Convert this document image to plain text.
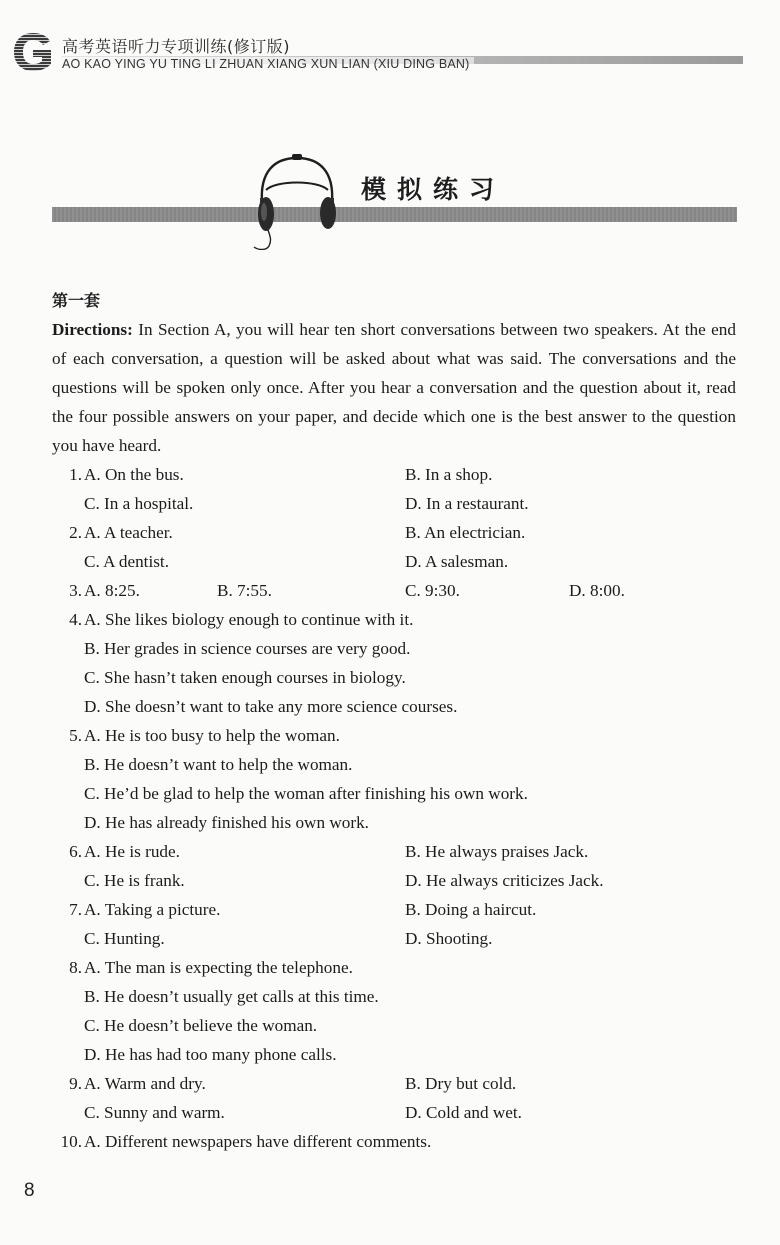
高考英语听力专项训练(修订版)
AO KAO YING YU TING LI ZHUAN XIANG XUN LIAN (XIU DING BAN)
模拟练习
第一套

Directions: In Section A, you will hear ten short conversations between two speakers. At the end of each conversation, a question will be asked about what was said. The conversations and the questions will be spoken only once. After you hear a conversation and the question about it, read the four possible answers on your paper, and decide which one is the best answer to the question you have heard.

1. A. On the bus.	B. In a shop.
C. In a hospital.	D. In a restaurant.
2. A. A teacher.	B. An electrician.
C. A dentist.	D. A salesman.
3. A. 8:25.	B. 7:55.	C. 9:30.	D. 8:00.
4. A. She likes biology enough to continue with it.
B. Her grades in science courses are very good.
C. She hasn’t taken enough courses in biology.
D. She doesn’t want to take any more science courses.
5. A. He is too busy to help the woman.
B. He doesn’t want to help the woman.
C. He’d be glad to help the woman after finishing his own work.
D. He has already finished his own work.
6. A. He is rude.	B. He always praises Jack.
C. He is frank.	D. He always criticizes Jack.
7. A. Taking a picture.	B. Doing a haircut.
C. Hunting.	D. Shooting.
8. A. The man is expecting the telephone.
B. He doesn’t usually get calls at this time.
C. He doesn’t believe the woman.
D. He has had too many phone calls.
9. A. Warm and dry.	B. Dry but cold.
C. Sunny and warm.	D. Cold and wet.
10. A. Different newspapers have different comments.
8
